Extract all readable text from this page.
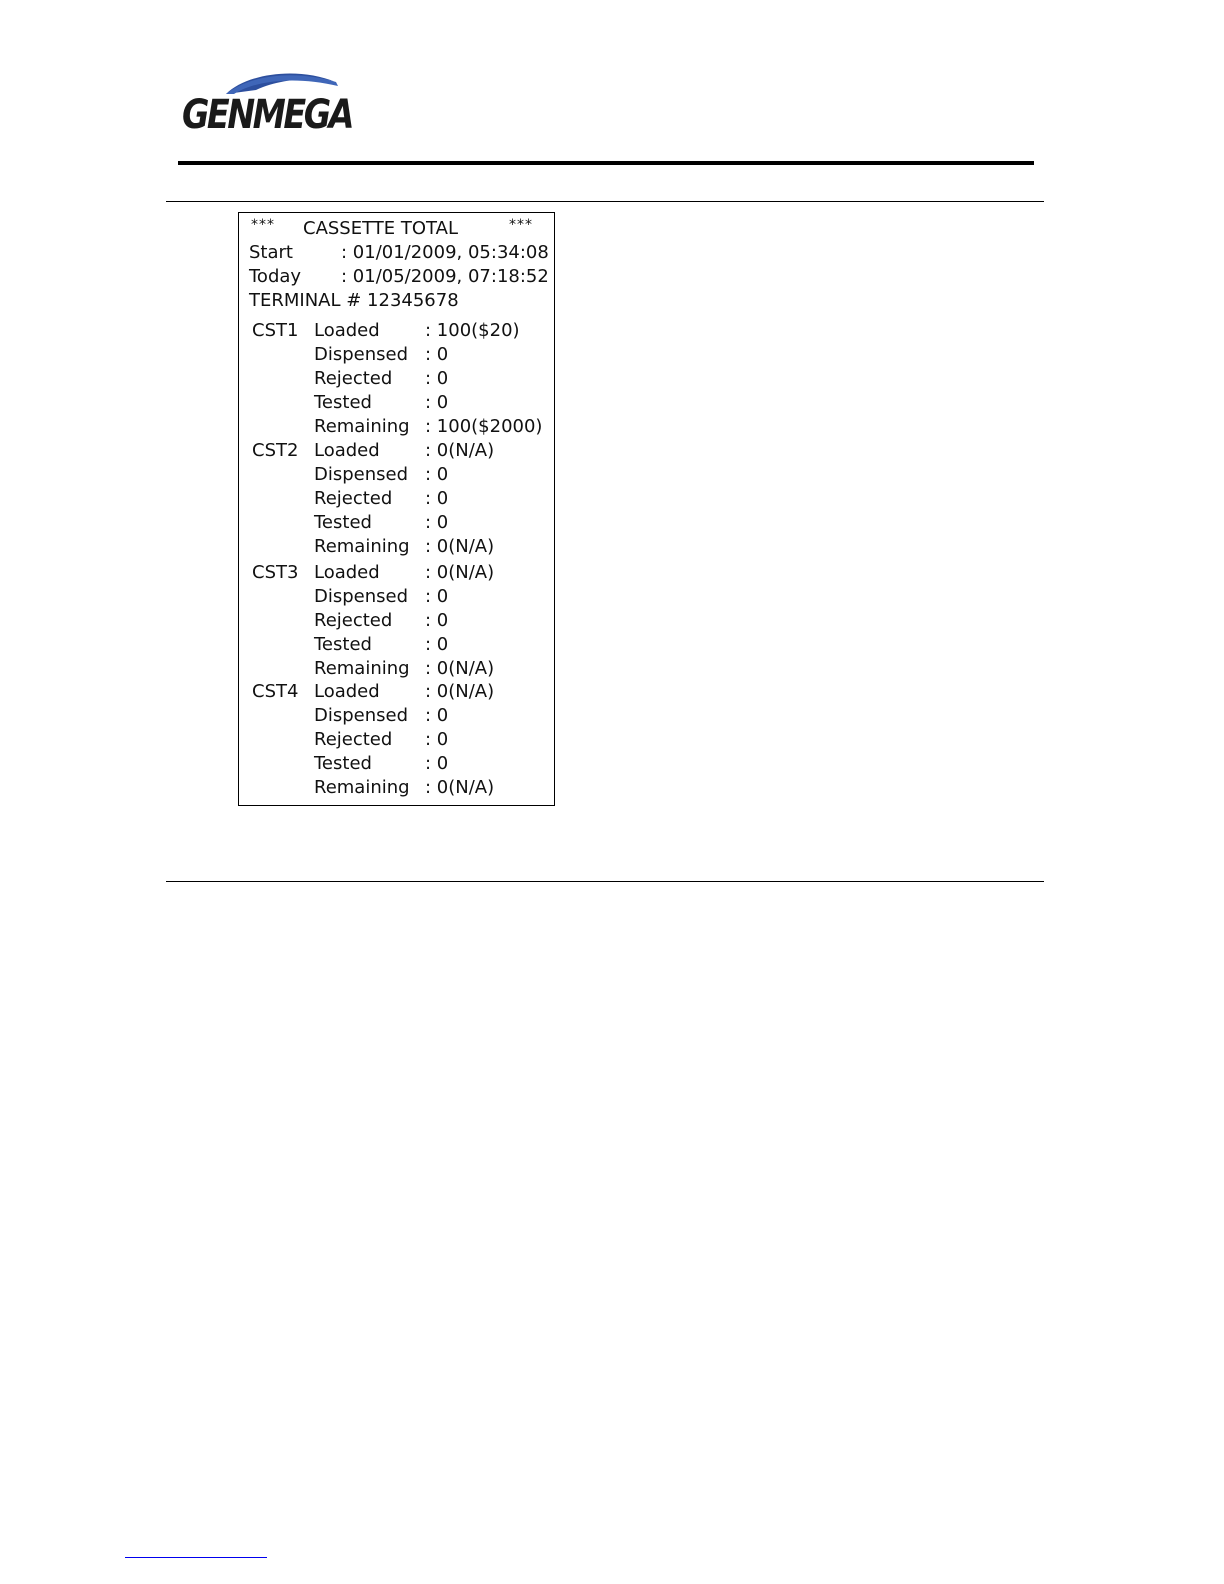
GENMEGA
*** CASSETTE TOTAL	***
Start	: 01/01/2009, 05:34:08
Today	: 01/05/2009, 07:18:52
TERMINAL # 12345678
CST1 Loaded	: 100($20)
Dispensed : 0
Rejected : 0
Tested	: 0
Remaining : 100($2000)
CST2 Loaded	: 0(N/A)
Dispensed : 0
Rejected : 0
Tested	: 0
Remaining : 0(N/A)
CST3 Loaded	: 0(N/A)
Dispensed : 0
Rejected : 0
Tested	: 0
Remaining : 0(N/A)
CST4 Loaded	: 0(N/A)
Dispensed : 0
Rejected : 0
Tested	: 0
Remaining : 0(N/A)
